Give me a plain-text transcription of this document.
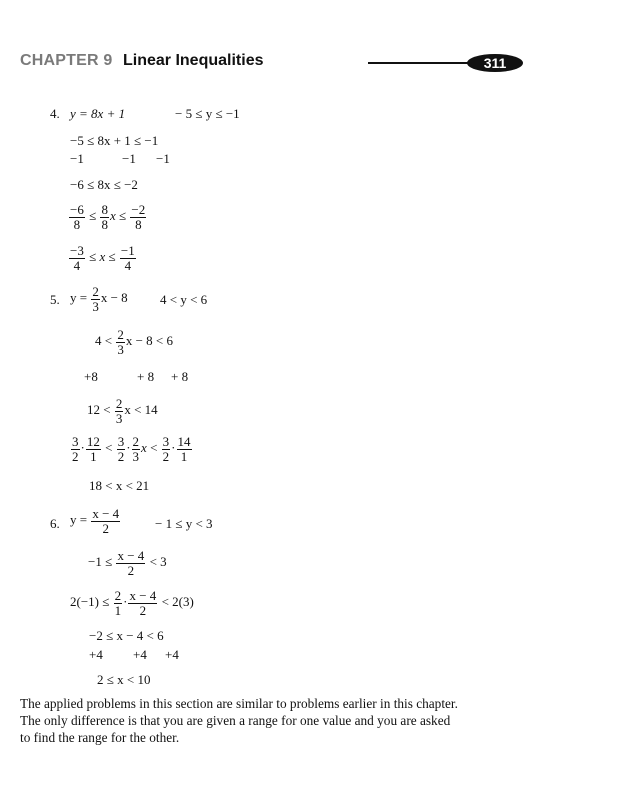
CHAPTER 9 Linear Inequalities	311
4. y = 8x + 1	− 5 ≤ y ≤ −1
−5 ≤ 8x + 1 ≤ −1
−1	−1 −1
−6 ≤ 8x ≤ −2
$\frac{-6}{8} \le \frac{8}{8}$ $x \le \frac{-2}{8}$
$\frac{-3}{4} \le x \le \frac{-1}{4}$
5. $y = \frac{2}{3}$ x − 8 4 < y < 6
$4 < \frac{2}{3}$ x − 8 < 6
+8	+ 8 + 8
$12 < \frac{2}{3}$ x < 14
$\frac{3}{2} \cdot \frac{12}{1} < \frac{3}{2} \cdot \frac{2}{3}$ $x < \frac{3}{2} \cdot \frac{14}{1}$
18 < x < 21
6. $y = \frac{x - 4}{2}$	− 1 ≤ y < 3
$-1 \le \frac{x - 4}{2} < 3$
$2(-1) \le \frac{2}{1} \cdot \frac{x - 4}{2} < 2(3)$
−2 ≤ x − 4 < 6
+4 +4 +4
2 ≤ x < 10
The applied problems in this section are similar to problems earlier in this chapter. The only difference is that you are given a range for one value and you are asked to find the range for the other.
